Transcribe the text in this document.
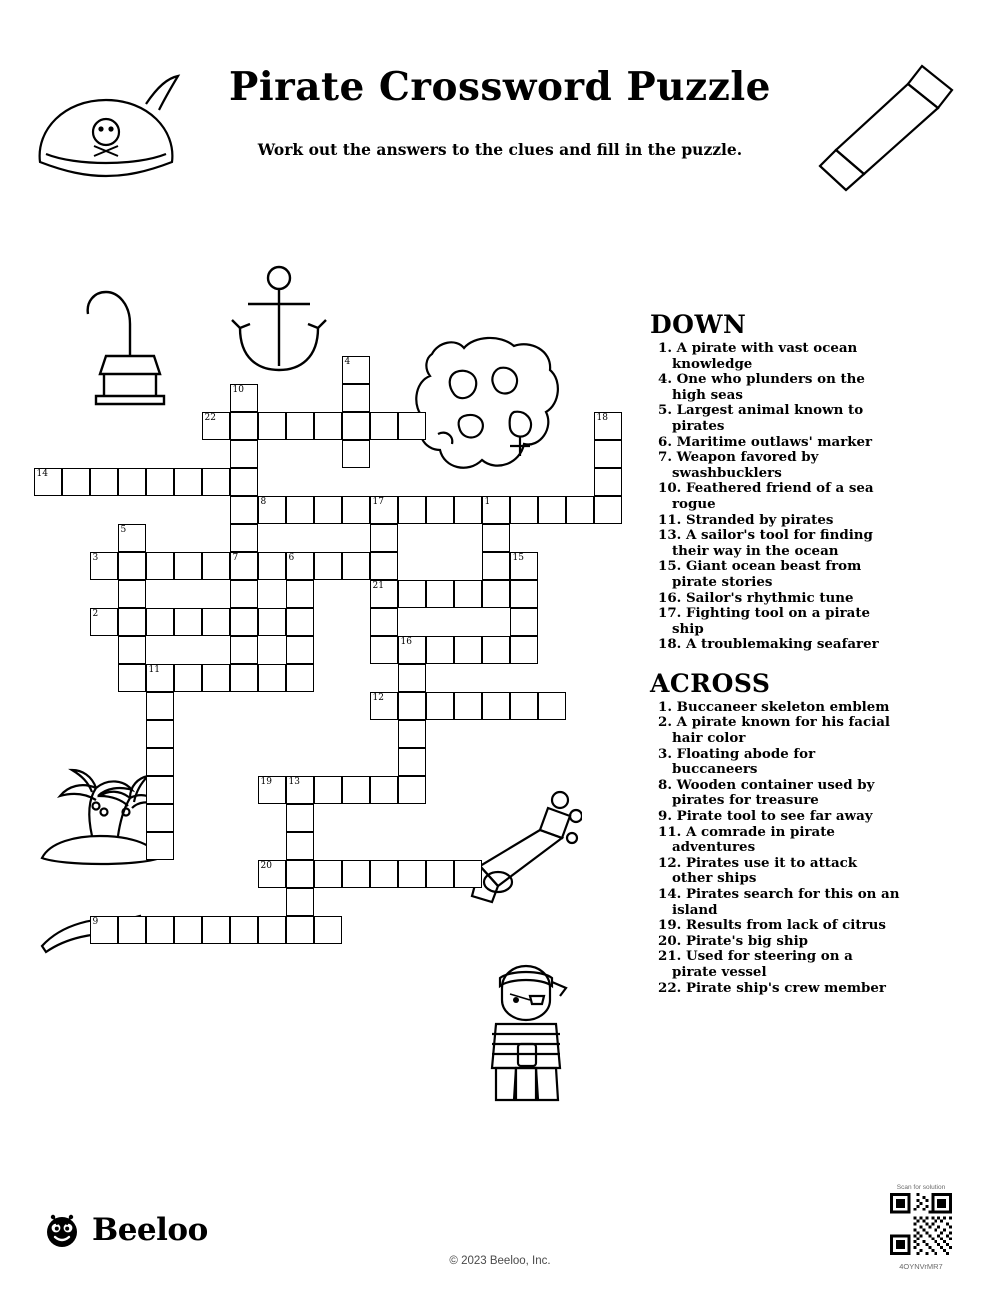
Pirate Crossword Puzzle
Work out the answers to the clues and fill in the puzzle.
4
10
22	18
14
8	17	1
5
3	7	6	15
21
2
16
11
12
19 13
20
9
DOWN
1. A pirate with vast ocean knowledge
4. One who plunders on the high seas
5. Largest animal known to pirates
6. Maritime outlaws' marker
7. Weapon favored by swashbucklers
10. Feathered friend of a sea rogue
11. Stranded by pirates
13. A sailor's tool for finding their way in the ocean
15. Giant ocean beast from pirate stories
16. Sailor's rhythmic tune
17. Fighting tool on a pirate ship
18. A troublemaking seafarer
ACROSS
1. Buccaneer skeleton emblem
2. A pirate known for his facial hair color
3. Floating abode for buccaneers
8. Wooden container used by pirates for treasure
9. Pirate tool to see far away
11. A comrade in pirate adventures
12. Pirates use it to attack other ships
14. Pirates search for this on an island
19. Results from lack of citrus
20. Pirate's big ship
21. Used for steering on a pirate vessel
22. Pirate ship's crew member
Beeloo
© 2023 Beeloo, Inc.
Scan for solution
4OYNVrMR7
